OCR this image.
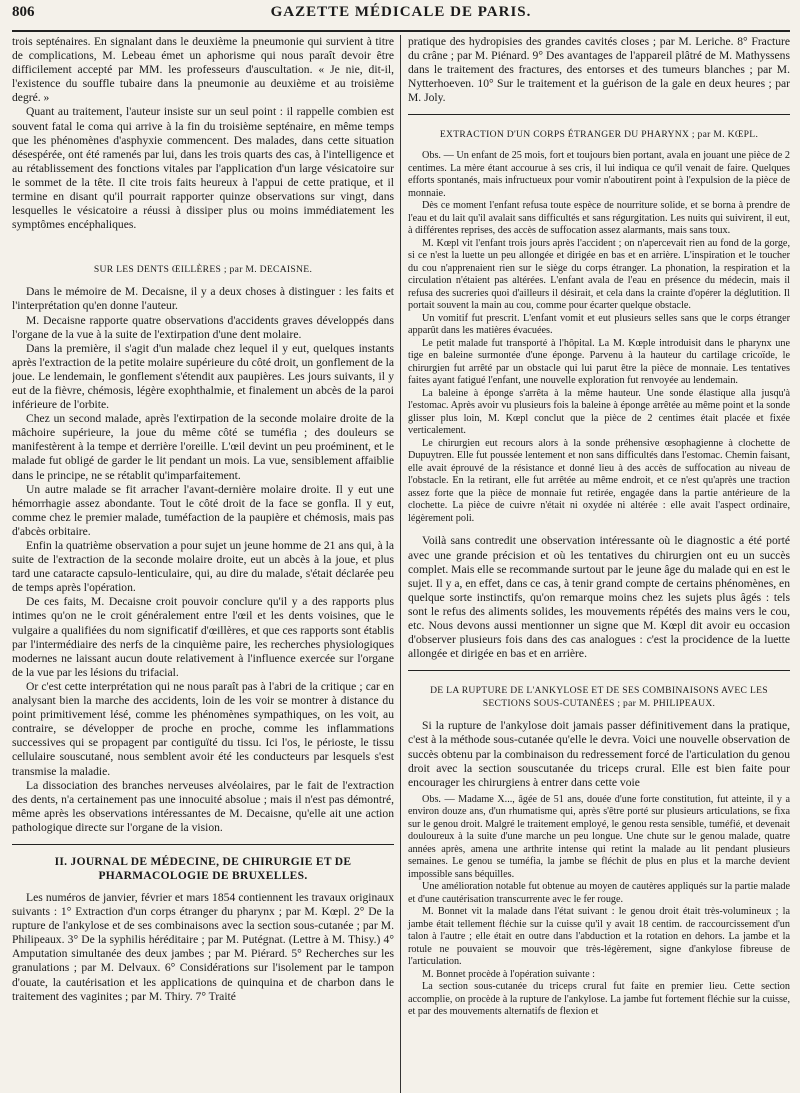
806	GAZETTE MÉDICALE DE PARIS.

trois septénaires. En signalant dans le deuxième la pneumonie qui survient à titre de complications, M. Lebeau émet un aphorisme qui nous paraît devoir être difficilement accepté par MM. les professeurs d'auscultation. « Je nie, dit-il, l'existence du souffle tubaire dans la pneumonie au deuxième et au troisième degré. »

Quant au traitement, l'auteur insiste sur un seul point : il rappelle combien est souvent fatal le coma qui arrive à la fin du troisième septénaire, en même temps que les phénomènes d'asphyxie commencent. Des malades, dans cette situation désespérée, ont été ramenés par lui, dans les trois quarts des cas, à l'intelligence et au rétablissement des fonctions vitales par l'application d'un large vésicatoire sur le sommet de la tête. Il cite trois faits heureux à l'appui de cette pratique, et il termine en disant qu'il pourrait rapporter quinze observations sur vingt, dans lesquelles le vésicatoire a réussi à dissiper plus ou moins immédiatement les symptômes encéphaliques.

SUR LES DENTS ŒILLÈRES ; par M. DECAISNE.

Dans le mémoire de M. Decaisne, il y a deux choses à distinguer : les faits et l'interprétation qu'en donne l'auteur.

M. Decaisne rapporte quatre observations d'accidents graves développés dans l'organe de la vue à la suite de l'extirpation d'une dent molaire.

Dans la première, il s'agit d'un malade chez lequel il y eut, quelques instants après l'extraction de la petite molaire supérieure du côté droit, un gonflement de la joue. Le lendemain, le gonflement s'étendit aux paupières. Les jours suivants, il y eut de la fièvre, chémosis, légère exophthalmie, et finalement un abcès de la paroi inférieure de l'orbite.

Chez un second malade, après l'extirpation de la seconde molaire droite de la mâchoire supérieure, la joue du même côté se tuméfia ; des douleurs se manifestèrent à la tempe et derrière l'oreille. L'œil devint un peu proéminent, et le malade fut obligé de garder le lit pendant un mois. La vue, sensiblement affaiblie dans le principe, ne se rétablit qu'imparfaitement.

Un autre malade se fit arracher l'avant-dernière molaire droite. Il y eut une hémorrhagie assez abondante. Tout le côté droit de la face se gonfla. Il y eut, comme chez le premier malade, tuméfaction de la paupière et chémosis, mais pas d'abcès orbitaire.

Enfin la quatrième observation a pour sujet un jeune homme de 21 ans qui, à la suite de l'extraction de la seconde molaire droite, eut un abcès à la joue, et plus tard une cataracte capsulo-lenticulaire, qui, au dire du malade, s'était déclarée peu de temps après l'opération.

De ces faits, M. Decaisne croit pouvoir conclure qu'il y a des rapports plus intimes qu'on ne le croit généralement entre l'œil et les dents voisines, que le vulgaire a qualifiées du nom significatif d'œillères, et que ces rapports sont établis par l'intermédiaire des nerfs de la cinquième paire, les recherches physiologiques modernes ne laissant aucun doute relativement à l'influence exercée sur l'organe de la vue par les lésions du trifacial.

Or c'est cette interprétation qui ne nous paraît pas à l'abri de la critique ; car en analysant bien la marche des accidents, loin de les voir se montrer à distance du point primitivement lésé, comme les phénomènes sympathiques, on les voit, au contraire, se développer de proche en proche, comme les inflammations successives qui se propagent par contiguïté du tissu. Ici l'os, le périoste, le tissu cellulaire souscutané, nous semblent avoir été les conducteurs par lesquels s'est transmise la maladie.

La dissociation des branches nerveuses alvéolaires, par le fait de l'extraction des dents, n'a certainement pas une innocuité absolue ; mais il n'est pas démontré, même après les observations intéressantes de M. Decaisne, qu'elle ait une action pathologique directe sur l'organe de la vision.

II. JOURNAL DE MÉDECINE, DE CHIRURGIE ET DE PHARMACOLOGIE DE BRUXELLES.

Les numéros de janvier, février et mars 1854 contiennent les travaux originaux suivants : 1° Extraction d'un corps étranger du pharynx ; par M. Kœpl. 2° De la rupture de l'ankylose et de ses combinaisons avec la section sous-cutanée ; par M. Philipeaux. 3° De la syphilis héréditaire ; par M. Putégnat. (Lettre à M. Thisy.) 4° Amputation simultanée des deux jambes ; par M. Piérard. 5° Recherches sur les granulations ; par M. Delvaux. 6° Considérations sur l'isolement par le tampon d'ouate, la cautérisation et les applications de quinquina et de charbon dans le traitement des vaginites ; par M. Thiry. 7° Traité

pratique des hydropisies des grandes cavités closes ; par M. Leriche. 8° Fracture du crâne ; par M. Piénard. 9° Des avantages de l'appareil plâtré de M. Mathyssens dans le traitement des fractures, des entorses et des tumeurs blanches ; par M. Nytterhoeven. 10° Sur le traitement et la guérison de la gale en deux heures ; par M. Joly.

EXTRACTION D'UN CORPS ÉTRANGER DU PHARYNX ; par M. KŒPL.

Obs. — Un enfant de 25 mois, fort et toujours bien portant, avala en jouant une pièce de 2 centimes. La mère étant accourue à ses cris, il lui indiqua ce qu'il venait de faire. Quelques efforts spontanés, mais infructueux pour vomir n'aboutirent point à l'expulsion de la pièce de monnaie.

Dès ce moment l'enfant refusa toute espèce de nourriture solide, et se borna à prendre de l'eau et du lait qu'il avalait sans difficultés et sans régurgitation. Les nuits qui suivirent, il eut, à différentes reprises, des accès de suffocation assez alarmants, mais sans toux.

M. Kœpl vit l'enfant trois jours après l'accident ; on n'apercevait rien au fond de la gorge, si ce n'est la luette un peu allongée et dirigée en bas et en arrière. L'inspiration et le toucher du cou n'apprenaient rien sur le siège du corps étranger. La phonation, la respiration et la circulation n'étaient pas altérées. L'enfant avala de l'eau en présence du médecin, mais il refusa des sucreries quoi d'ailleurs il désirait, et cela dans la crainte d'opérer la déglutition. Il portait souvent la main au cou, comme pour écarter quelque obstacle.

Un vomitif fut prescrit. L'enfant vomit et eut plusieurs selles sans que le corps étranger apparût dans les matières évacuées.

Le petit malade fut transporté à l'hôpital. La M. Kœple introduisit dans le pharynx une tige en baleine surmontée d'une éponge. Parvenu à la hauteur du cartilage cricoïde, le chirurgien fut arrêté par un obstacle qui lui parut être la pièce de monnaie. Les tentatives faites ayant fatigué l'enfant, une nouvelle exploration fut renvoyée au lendemain.

La baleine à éponge s'arrêta à la même hauteur. Une sonde élastique alla jusqu'à l'estomac. Après avoir vu plusieurs fois la baleine à éponge arrêtée au même point et la sonde glisser plus loin, M. Kœpl conclut que la pièce de 2 centimes était placée et fixée verticalement.

Le chirurgien eut recours alors à la sonde préhensive œsophagienne à clochette de Dupuytren. Elle fut poussée lentement et non sans difficultés dans l'estomac. Chemin faisant, elle avait éprouvé de la résistance et donné lieu à des accès de suffocation au niveau de l'obstacle. En la retirant, elle fut arrêtée au même endroit, et ce n'est qu'après une traction assez forte que la pièce de monnaie fut retirée, engagée dans la partie antérieure de la clochette. La pièce de cuivre n'était ni oxydée ni altérée : elle avait l'aspect ordinaire, légèrement poli.

Voilà sans contredit une observation intéressante où le diagnostic a été porté avec une grande précision et où les tentatives du chirurgien ont eu un succès complet. Mais elle se recommande surtout par le jeune âge du malade qui en est le sujet. Il y a, en effet, dans ce cas, à tenir grand compte de certains phénomènes, en quelque sorte instinctifs, qu'on remarque moins chez les sujets plus âgés : tels sont le refus des aliments solides, les mouvements répétés des mains vers le cou, etc. Nous devons aussi mentionner un signe que M. Kœpl dit avoir eu occasion d'observer plusieurs fois dans des cas analogues : c'est la procidence de la luette allongée et dirigée en bas et en arrière.

DE LA RUPTURE DE L'ANKYLOSE ET DE SES COMBINAISONS AVEC LES SECTIONS SOUS-CUTANÉES ; par M. PHILIPEAUX.

Si la rupture de l'ankylose doit jamais passer définitivement dans la pratique, c'est à la méthode sous-cutanée qu'elle le devra. Voici une nouvelle observation de succès obtenu par la combinaison du redressement forcé de l'articulation du genou droit avec la section souscutanée du triceps crural. Elle est bien faite pour encourager les chirurgiens à entrer dans cette voie

Obs. — Madame X..., âgée de 51 ans, douée d'une forte constitution, fut atteinte, il y a environ douze ans, d'un rhumatisme qui, après s'être porté sur plusieurs articulations, se fixa sur le genou droit. Malgré le traitement employé, le genou resta sensible, tuméfié, et devenait douloureux à la suite d'une marche un peu longue. Une chute sur le genou malade, quatre années après, amena une arthrite intense qui retint la malade au lit pendant plusieurs semaines. Le genou se tuméfia, la jambe se fléchit de plus en plus et la marche devient impossible sans béquilles.

Une amélioration notable fut obtenue au moyen de cautères appliqués sur la partie malade et d'une cautérisation transcurrente avec le fer rouge.

M. Bonnet vit la malade dans l'état suivant : le genou droit était très-volumineux ; la jambe était tellement fléchie sur la cuisse qu'il y avait 18 centim. de raccourcissement d'un talon à l'autre ; elle était en outre dans l'abduction et la rotation en dehors. La jambe et la rotule ne pouvaient se mouvoir que très-légèrement, signe d'ankylose fibreuse de l'articulation.

M. Bonnet procède à l'opération suivante :

La section sous-cutanée du triceps crural fut faite en premier lieu. Cette section accomplie, on procède à la rupture de l'ankylose. La jambe fut fortement fléchie sur la cuisse, et par des mouvements alternatifs de flexion et
